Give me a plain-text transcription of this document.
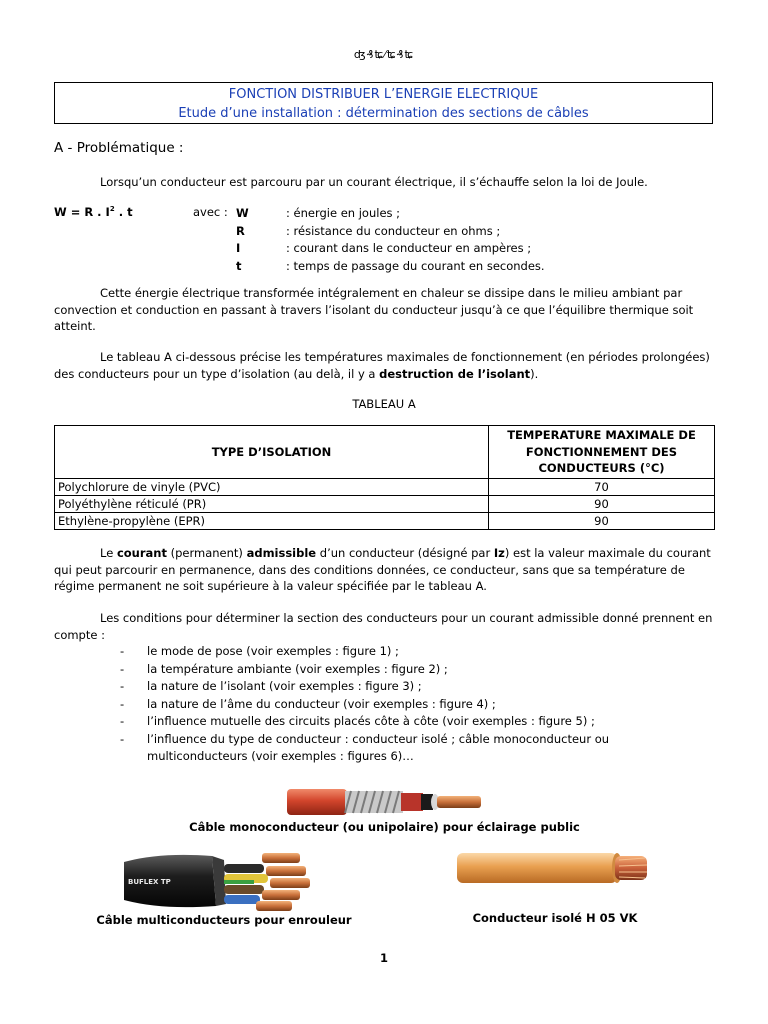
ʤ₰ʨ⁄ʨ₰ʨ
FONCTION DISTRIBUER L’ENERGIE ELECTRIQUE
Etude d’une installation : détermination des sections de câbles
A - Problématique :

Lorsqu’un conducteur est parcouru par un courant électrique, il s’échauffe selon la loi de Joule.

W = R . $I^2$ . t	avec : W	: énergie en joules ;
R	: résistance du conducteur en ohms ;
I	: courant dans le conducteur en ampères ;
t	: temps de passage du courant en secondes.

Cette énergie électrique transformée intégralement en chaleur se dissipe dans le milieu ambiant par convection et conduction en passant à travers l’isolant du conducteur jusqu’à ce que l’équilibre thermique soit atteint.

Le tableau A ci-dessous précise les températures maximales de fonctionnement (en périodes prolongées) des conducteurs pour un type d’isolation (au delà, il y a destruction de l’isolant).

TABLEAU A
TYPE D’ISOLATION	TEMPERATURE MAXIMALE DE FONCTIONNEMENT DES CONDUCTEURS (°C)
Polychlorure de vinyle (PVC)	70
Polyéthylène réticulé (PR)	90
Ethylène-propylène (EPR)	90

Le courant (permanent) admissible d’un conducteur (désigné par Iz) est la valeur maximale du courant qui peut parcourir en permanence, dans des conditions données, ce conducteur, sans que sa température de régime permanent ne soit supérieure à la valeur spécifiée par le tableau A.

Les conditions pour déterminer la section des conducteurs pour un courant admissible donné prennent en compte :

- le mode de pose (voir exemples : figure 1) ;
- la température ambiante (voir exemples : figure 2) ;
- la nature de l’isolant (voir exemples : figure 3) ;
- la nature de l’âme du conducteur (voir exemples : figure 4) ;
- l’influence mutuelle des circuits placés côte à côte (voir exemples : figure 5) ;
- l’influence du type de conducteur : conducteur isolé ; câble monoconducteur ou multiconducteurs (voir exemples : figures 6)…
Câble monoconducteur (ou unipolaire) pour éclairage public
BUFLEX TP
Câble multiconducteurs pour enrouleur	Conducteur isolé H 05 VK
1
